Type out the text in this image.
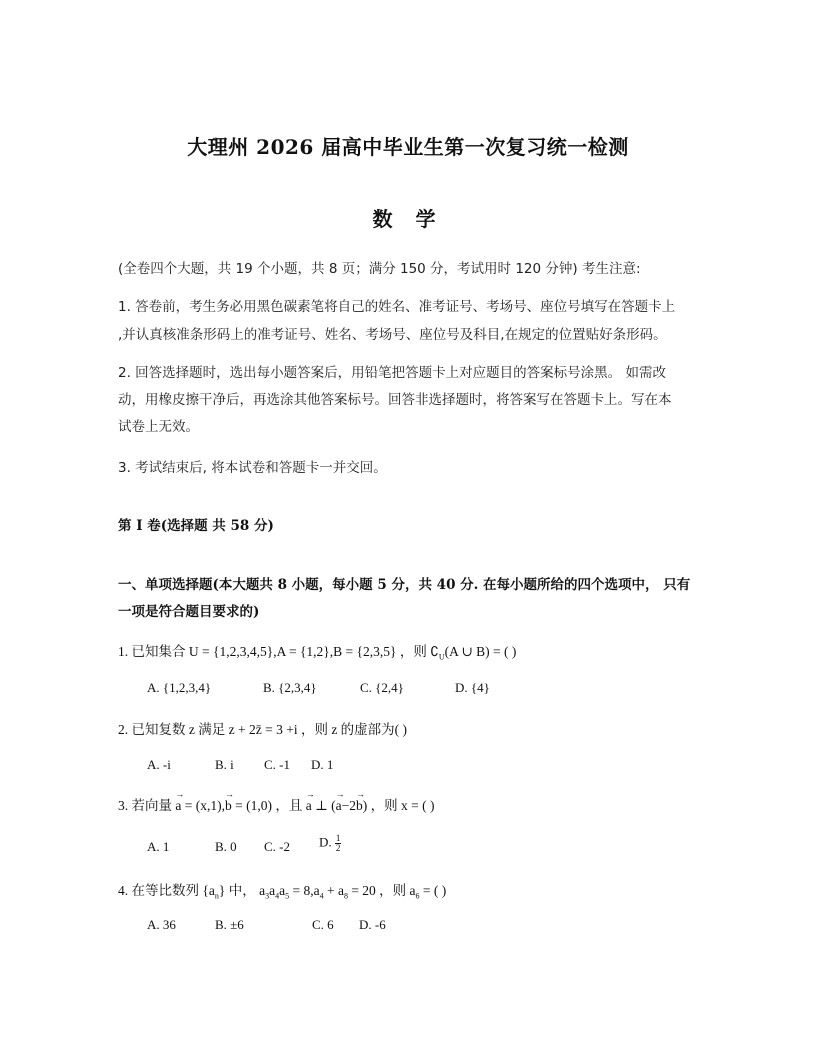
大理州 2026 届高中毕业生第一次复习统一检测
数 学
(全卷四个大题，共 19 个小题，共 8 页；满分 150 分，考试用时 120 分钟) 考生注意:
1. 答卷前，考生务必用黑色碳素笔将自己的姓名、准考证号、考场号、座位号填写在答题卡上
,并认真核准条形码上的准考证号、姓名、考场号、座位号及科目,在规定的位置贴好条形码。
2. 回答选择题时，选出每小题答案后，用铅笔把答题卡上对应题目的答案标号涂黑。 如需改
动，用橡皮擦干净后，再选涂其他答案标号。回答非选择题时，将答案写在答题卡上。写在本
试卷上无效。
3. 考试结束后, 将本试卷和答题卡一并交回。
第 I 卷(选择题 共 58 分)
一、单项选择题(本大题共 8 小题，每小题 5 分，共 40 分. 在每小题所给的四个选项中， 只有
一项是符合题目要求的)
1. 已知集合 U = {1,2,3,4,5},A = {1,2},B = {2,3,5} ，则 $∁_U(A$ ∪ B) = ( )
A. {1,2,3,4}	B. {2,3,4}	C. {2,4}	D. {4}
2. 已知复数 z 满足 z + 2z̄ = 3 +i ，则 z 的虚部为( )
A. -i	B. i C. -1 D. 1
3. 若向量 → a = (x,1),→ b = (1,0) ，且 → a ⊥ (→ a−2→ b) ，则 x = ( )
A. 1	B. 0 C. -2 D. $\frac{1}{2}$
4. 在等比数列 $\{a_n\}$ 中， $a_3a_4a_5 = 8,a_4 + a_8 = 20$ ，则 $a_6$ = ( )
A. 36	B. ±6	C. 6 D. -6
